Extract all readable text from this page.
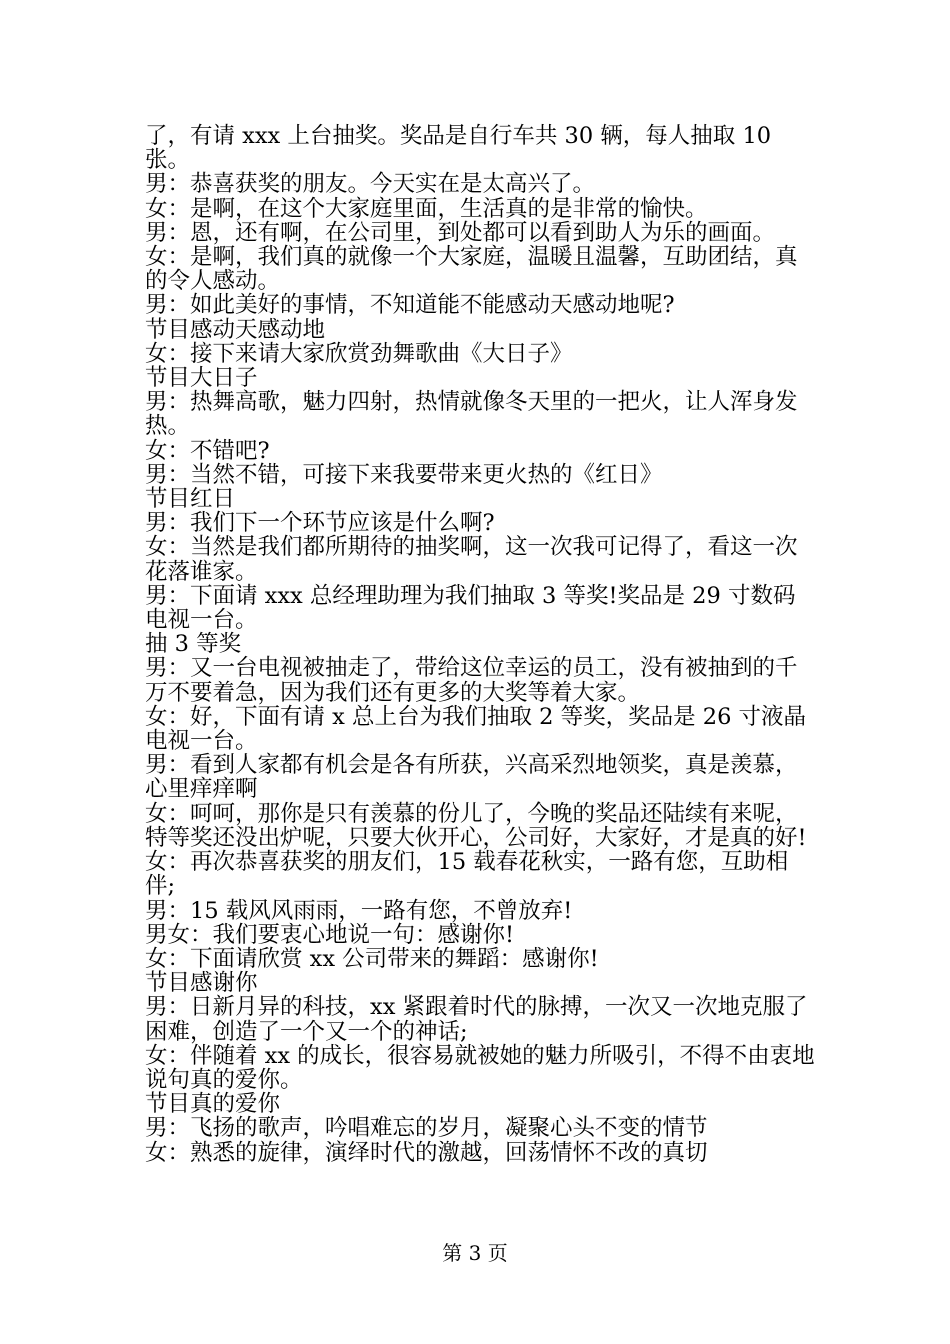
了，有请 xxx 上台抽奖。奖品是自行车共 30 辆，每人抽取 10 张。

男：恭喜获奖的朋友。今天实在是太高兴了。

女：是啊，在这个大家庭里面，生活真的是非常的愉快。

男：恩，还有啊，在公司里，到处都可以看到助人为乐的画面。

女：是啊，我们真的就像一个大家庭，温暖且温馨，互助团结，真的令人感动。

男：如此美好的事情，不知道能不能感动天感动地呢?

节目感动天感动地

女：接下来请大家欣赏劲舞歌曲《大日子》

节目大日子

男：热舞高歌，魅力四射，热情就像冬天里的一把火，让人浑身发热。

女：不错吧?

男：当然不错，可接下来我要带来更火热的《红日》

节目红日

男：我们下一个环节应该是什么啊?

女：当然是我们都所期待的抽奖啊，这一次我可记得了，看这一次花落谁家。

男：下面请 xxx 总经理助理为我们抽取 3 等奖!奖品是 29 寸数码电视一台。

抽 3 等奖

男：又一台电视被抽走了，带给这位幸运的员工，没有被抽到的千万不要着急，因为我们还有更多的大奖等着大家。

女：好，下面有请 x 总上台为我们抽取 2 等奖，奖品是 26 寸液晶电视一台。

男：看到人家都有机会是各有所获，兴高采烈地领奖，真是羡慕，心里痒痒啊

女：呵呵，那你是只有羡慕的份儿了，今晚的奖品还陆续有来呢，特等奖还没出炉呢，只要大伙开心，公司好，大家好，才是真的好!

女：再次恭喜获奖的朋友们，15 载春花秋实，一路有您，互助相伴;

男：15 载风风雨雨，一路有您，不曾放弃!

男女：我们要衷心地说一句：感谢你!

女：下面请欣赏 xx 公司带来的舞蹈：感谢你!

节目感谢你

男：日新月异的科技，xx 紧跟着时代的脉搏，一次又一次地克服了困难，创造了一个又一个的神话;

女：伴随着 xx 的成长，很容易就被她的魅力所吸引，不得不由衷地说句真的爱你。

节目真的爱你

男：飞扬的歌声，吟唱难忘的岁月，凝聚心头不变的情节

女：熟悉的旋律，演绎时代的激越，回荡情怀不改的真切

第 3 页
